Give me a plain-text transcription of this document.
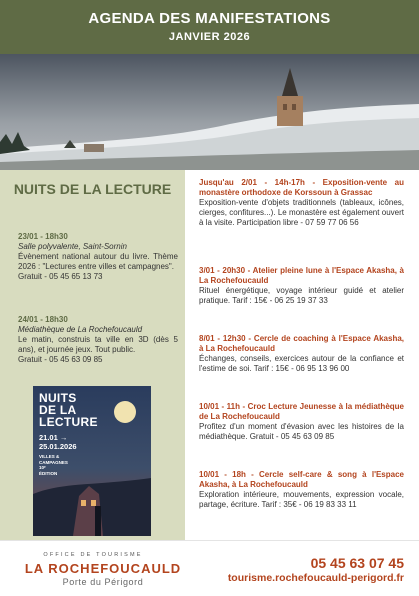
AGENDA DES MANIFESTATIONS
JANVIER 2026
NUITS DE LA LECTURE
23/01 - 18h30
Salle polyvalente, Saint-Sornin
Évènement national autour du livre. Thème 2026 : "Lectures entre villes et campagnes".
Gratuit - 05 45 65 13 73
24/01 - 18h30
Médiathèque de La Rochefoucauld
Le matin, construis ta ville en 3D (dès 5 ans), et journée jeux. Tout public.
Gratuit - 05 45 63 09 85
NUITS
DE LA
LECTURE
21.01 →
25.01.2026
VILLES &
CAMPAGNES
10ᵉ
ÉDITION
Jusqu'au 2/01 - 14h-17h - Exposition-vente au monastère orthodoxe de Korssoun à Grassac
Exposition-vente d'objets traditionnels (tableaux, icônes, cierges, confitures...). Le monastère est également ouvert à la visite. Participation libre - 07 59 77 06 56
3/01 - 20h30 - Atelier pleine lune à l'Espace Akasha, à La Rochefoucauld
Rituel énergétique, voyage intérieur guidé et atelier pratique. Tarif : 15€ - 06 25 19 37 33
8/01 - 12h30 - Cercle de coaching à l'Espace Akasha, à La Rochefoucauld
Échanges, conseils, exercices autour de la confiance et l'estime de soi. Tarif : 15€ - 06 95 13 96 00
10/01 - 11h - Croc Lecture Jeunesse à la médiathèque de La Rochefoucauld
Profitez d'un moment d'évasion avec les histoires de la médiathèque. Gratuit - 05 45 63 09 85
10/01 - 18h - Cercle self-care & song à l'Espace Akasha, à La Rochefoucauld
Exploration intérieure, mouvements, expression vocale, partage, écriture. Tarif : 35€ - 06 19 83 33 11
OFFICE DE TOURISME
LA ROCHEFOUCAULD
Porte du Périgord
05 45 63 07 45
tourisme.rochefoucauld-perigord.fr
